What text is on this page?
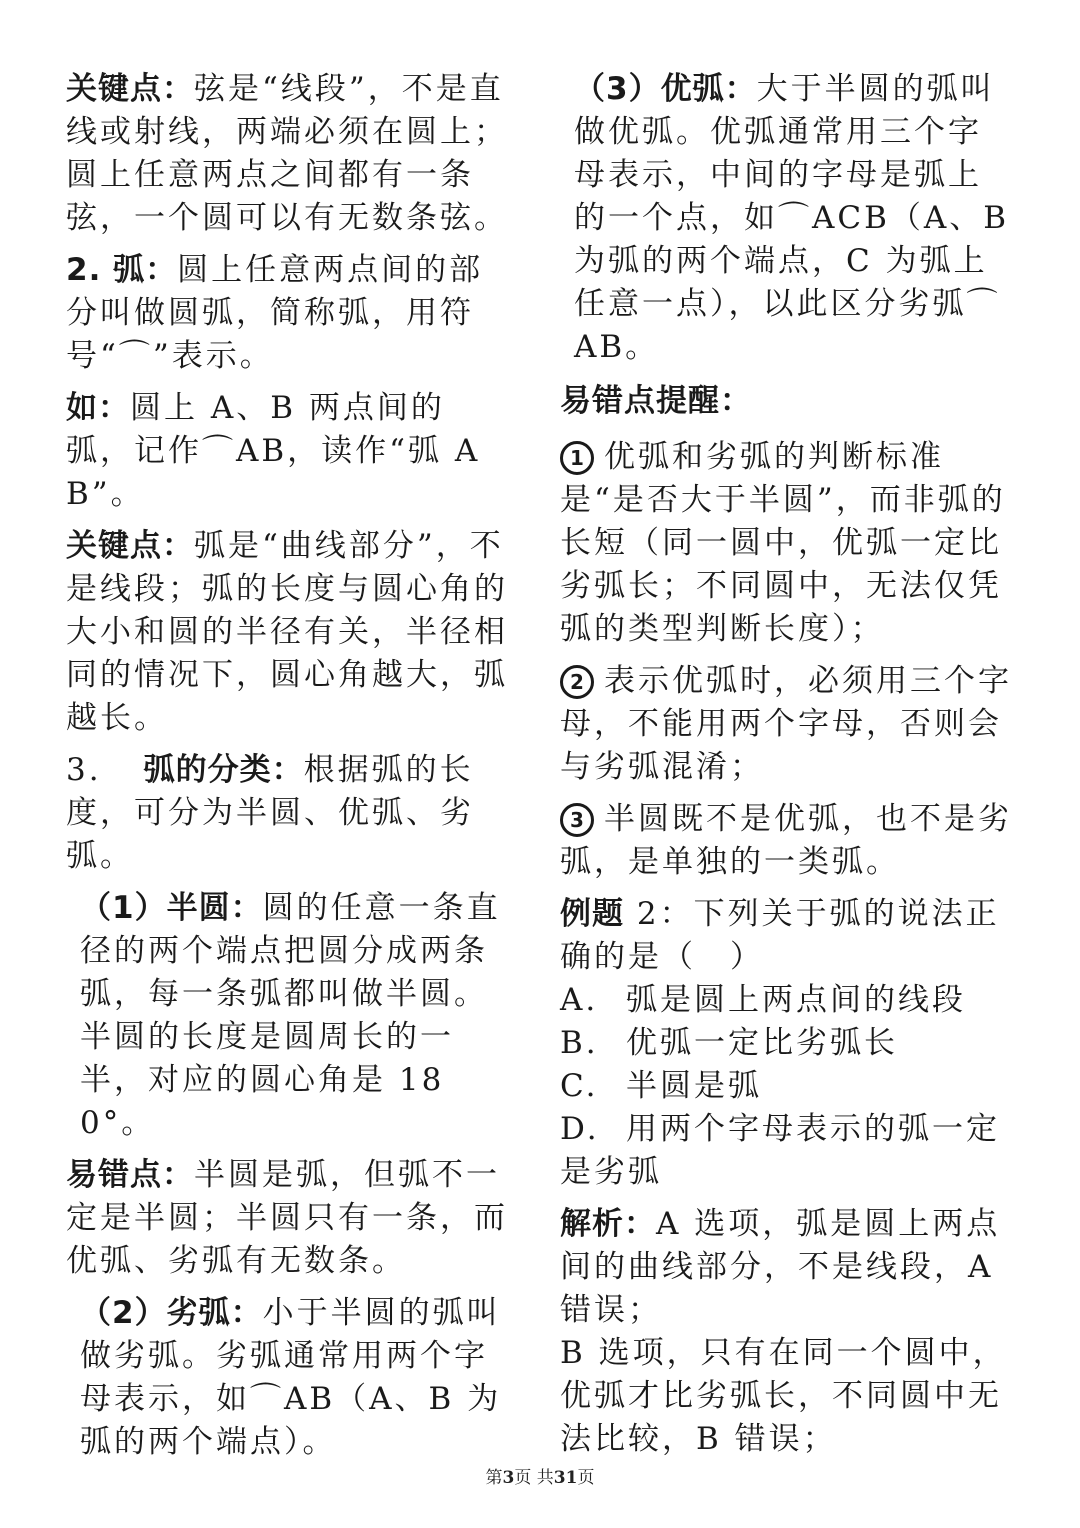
关键点：弦是“线段”，不是直线或射线，两端必须在圆上；圆上任意两点之间都有一条弦，一个圆可以有无数条弦。

2. 弧：圆上任意两点间的部分叫做圆弧，简称弧，用符号“⌒”表示。

如：圆上 A、B 两点间的弧，记作⌒AB，读作“弧 AB”。

关键点：弧是“曲线部分”，不是线段；弧的长度与圆心角的大小和圆的半径有关，半径相同的情况下，圆心角越大，弧越长。

3. 弧的分类：根据弧的长度，可分为半圆、优弧、劣弧。

（1）半圆：圆的任意一条直径的两个端点把圆分成两条弧，每一条弧都叫做半圆。半圆的长度是圆周长的一半，对应的圆心角是 180°。

易错点：半圆是弧，但弧不一定是半圆；半圆只有一条，而优弧、劣弧有无数条。

（2）劣弧：小于半圆的弧叫做劣弧。劣弧通常用两个字母表示，如⌒AB（A、B 为弧的两个端点）。

（3）优弧：大于半圆的弧叫做优弧。优弧通常用三个字母表示，中间的字母是弧上的一个点，如⌒ACB（A、B 为弧的两个端点，C 为弧上任意一点），以此区分劣弧⌒AB。

易错点提醒：

1 优弧和劣弧的判断标准是“是否大于半圆”，而非弧的长短（同一圆中，优弧一定比劣弧长；不同圆中，无法仅凭弧的类型判断长度）；

2 表示优弧时，必须用三个字母，不能用两个字母，否则会与劣弧混淆；

3 半圆既不是优弧，也不是劣弧，是单独的一类弧。

例题 2：下列关于弧的说法正确的是（　）

A. 弧是圆上两点间的线段

B. 优弧一定比劣弧长

C. 半圆是弧

D. 用两个字母表示的弧一定是劣弧

解析：A 选项，弧是圆上两点间的曲线部分，不是线段，A 错误；

B 选项，只有在同一个圆中，优弧才比劣弧长，不同圆中无法比较，B 错误；

第3页 共31页
